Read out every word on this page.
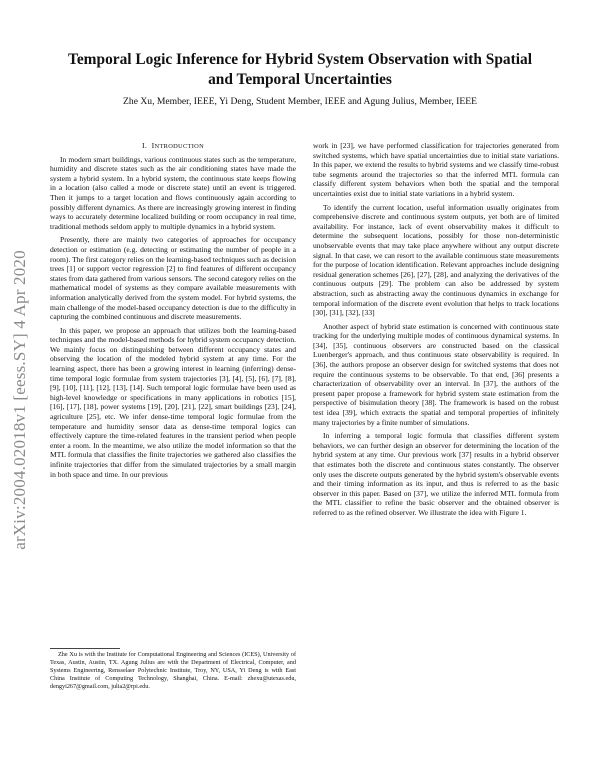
arXiv:2004.02018v1 [eess.SY] 4 Apr 2020
Temporal Logic Inference for Hybrid System Observation with Spatial and Temporal Uncertainties

Zhe Xu, Member, IEEE, Yi Deng, Student Member, IEEE and Agung Julius, Member, IEEE

I. INTRODUCTION

In modern smart buildings, various continuous states such as the temperature, humidity and discrete states such as the air conditioning states have made the system a hybrid system. In a hybrid system, the continuous state keeps flowing in a location (also called a mode or discrete state) until an event is triggered. Then it jumps to a target location and flows continuously again according to possibly different dynamics. As there are increasingly growing interest in finding ways to accurately determine localized building or room occupancy in real time, traditional methods seldom apply to multiple dynamics in a hybrid system.

Presently, there are mainly two categories of approaches for occupancy detection or estimation (e.g. detecting or estimating the number of people in a room). The first category relies on the learning-based techniques such as decision trees [1] or support vector regression [2] to find features of different occupancy states from data gathered from various sensors. The second category relies on the mathematical model of systems as they compare available measurements with information analytically derived from the system model. For hybrid systems, the main challenge of the model-based occupancy detection is due to the difficulty in capturing the combined continuous and discrete measurements.

In this paper, we propose an approach that utilizes both the learning-based techniques and the model-based methods for hybrid system occupancy detection. We mainly focus on distinguishing between different occupancy states and observing the location of the modeled hybrid system at any time. For the learning aspect, there has been a growing interest in learning (inferring) dense-time temporal logic formulae from system trajectories [3], [4], [5], [6], [7], [8], [9], [10], [11], [12], [13], [14]. Such temporal logic formulae have been used as high-level knowledge or specifications in many applications in robotics [15], [16], [17], [18], power systems [19], [20], [21], [22], smart buildings [23], [24], agriculture [25], etc. We infer dense-time temporal logic formulae from the temperature and humidity sensor data as dense-time temporal logics can effectively capture the time-related features in the transient period when people enter a room. In the meantime, we also utilize the model information so that the MTL formula that classifies the finite trajectories we gathered also classifies the infinite trajectories that differ from the simulated trajectories by a small margin in both space and time. In our previous

Zhe Xu is with the Institute for Computational Engineering and Sciences (ICES), University of Texas, Austin, Austin, TX. Agung Julius are with the Department of Electrical, Computer, and Systems Engineering, Rensselaer Polytechnic Institute, Troy, NY, USA, Yi Deng is with East China Institute of Computing Technology, Shanghai, China. E-mail: zhexu@utexas.edu, dengyi267@gmail.com, julia2@rpi.edu.

work in [23], we have performed classification for trajectories generated from switched systems, which have spatial uncertainties due to initial state variations. In this paper, we extend the results to hybrid systems and we classify time-robust tube segments around the trajectories so that the inferred MTL formula can classify different system behaviors when both the spatial and the temporal uncertainties exist due to initial state variations in a hybrid system.

To identify the current location, useful information usually originates from comprehensive discrete and continuous system outputs, yet both are of limited availability. For instance, lack of event observability makes it difficult to determine the subsequent locations, possibly for those non-deterministic unobservable events that may take place anywhere without any output discrete signal. In that case, we can resort to the available continuous state measurements for the purpose of location identification. Relevant approaches include designing residual generation schemes [26], [27], [28], and analyzing the derivatives of the continuous outputs [29]. The problem can also be addressed by system abstraction, such as abstracting away the continuous dynamics in exchange for temporal information of the discrete event evolution that helps to track locations [30], [31], [32], [33]

Another aspect of hybrid state estimation is concerned with continuous state tracking for the underlying multiple modes of continuous dynamical systems. In [34], [35], continuous observers are constructed based on the classical Luenberger's approach, and thus continuous state observability is required. In [36], the authors propose an observer design for switched systems that does not require the continuous systems to be observable. To that end, [36] presents a characterization of observability over an interval. In [37], the authors of the present paper propose a framework for hybrid system state estimation from the perspective of bisimulation theory [38]. The framework is based on the robust test idea [39], which extracts the spatial and temporal properties of infinitely many trajectories by a finite number of simulations.

In inferring a temporal logic formula that classifies different system behaviors, we can further design an observer for determining the location of the hybrid system at any time. Our previous work [37] results in a hybrid observer that estimates both the discrete and continuous states constantly. The observer only uses the discrete outputs generated by the hybrid system's observable events and their timing information as its input, and thus is referred to as the basic observer in this paper. Based on [37], we utilize the inferred MTL formula from the MTL classifier to refine the basic observer and the obtained observer is referred to as the refined observer. We illustrate the idea with Figure 1.
